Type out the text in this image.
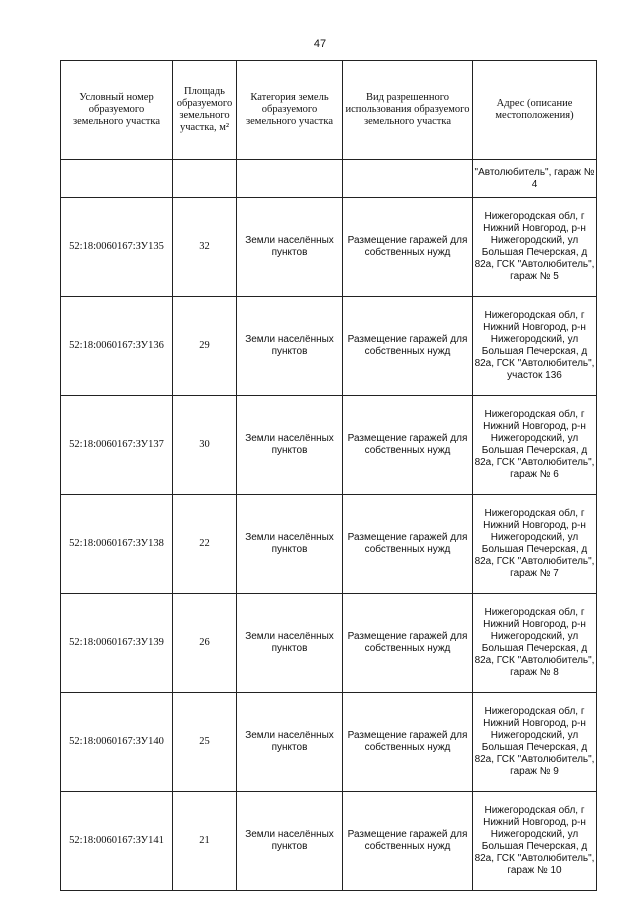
47
Условный номер образуемого земельного участка	Площадь образуемого земельного участка, м²	Категория земель образуемого земельного участка	Вид разрешенного использования образуемого земельного участка	Адрес (описание местоположения)
				"Автолюбитель", гараж № 4
52:18:0060167:ЗУ135	32	Земли населённых пунктов	Размещение гаражей для собственных нужд	Нижегородская обл, г Нижний Новгород, р-н Нижегородский, ул Большая Печерская, д 82а, ГСК "Автолюбитель", гараж № 5
52:18:0060167:ЗУ136	29	Земли населённых пунктов	Размещение гаражей для собственных нужд	Нижегородская обл, г Нижний Новгород, р-н Нижегородский, ул Большая Печерская, д 82а, ГСК "Автолюбитель", участок 136
52:18:0060167:ЗУ137	30	Земли населённых пунктов	Размещение гаражей для собственных нужд	Нижегородская обл, г Нижний Новгород, р-н Нижегородский, ул Большая Печерская, д 82а, ГСК "Автолюбитель", гараж № 6
52:18:0060167:ЗУ138	22	Земли населённых пунктов	Размещение гаражей для собственных нужд	Нижегородская обл, г Нижний Новгород, р-н Нижегородский, ул Большая Печерская, д 82а, ГСК "Автолюбитель", гараж № 7
52:18:0060167:ЗУ139	26	Земли населённых пунктов	Размещение гаражей для собственных нужд	Нижегородская обл, г Нижний Новгород, р-н Нижегородский, ул Большая Печерская, д 82а, ГСК "Автолюбитель", гараж № 8
52:18:0060167:ЗУ140	25	Земли населённых пунктов	Размещение гаражей для собственных нужд	Нижегородская обл, г Нижний Новгород, р-н Нижегородский, ул Большая Печерская, д 82а, ГСК "Автолюбитель", гараж № 9
52:18:0060167:ЗУ141	21	Земли населённых пунктов	Размещение гаражей для собственных нужд	Нижегородская обл, г Нижний Новгород, р-н Нижегородский, ул Большая Печерская, д 82а, ГСК "Автолюбитель", гараж № 10
